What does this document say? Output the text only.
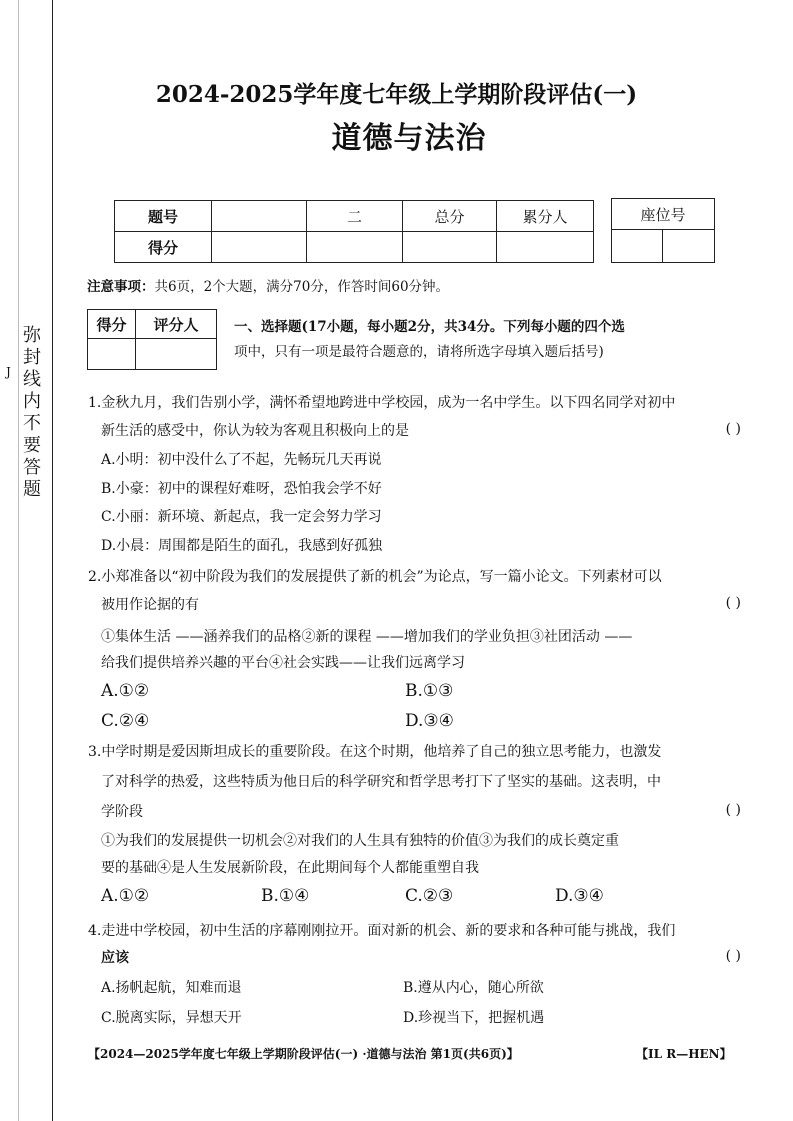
J
弥
封
线
内
不
要
答
题
2024-2025学年度七年级上学期阶段评估(一)
道德与法治
题号		二	总分	累分人
得分				
座位号

注意事项：共6页，2个大题，满分70分，作答时间60分钟。
得分	评分人
		一、选择题(17小题，每小题2分，共34分。下列每小题的四个选
项中，只有一项是最符合题意的，请将所选字母填入题后括号)
1.金秋九月，我们告别小学，满怀希望地跨进中学校园，成为一名中学生。以下四名同学对初中
新生活的感受中，你认为较为客观且积极向上的是	( )
A.小明：初中没什么了不起，先畅玩几天再说
B.小豪：初中的课程好难呀，恐怕我会学不好
C.小丽：新环境、新起点，我一定会努力学习
D.小晨：周围都是陌生的面孔，我感到好孤独
2.小郑准备以“初中阶段为我们的发展提供了新的机会”为论点，写一篇小论文。下列素材可以
被用作论据的有	( )
①集体生活 ——涵养我们的品格②新的课程 ——增加我们的学业负担③社团活动 ——
给我们提供培养兴趣的平台④社会实践——让我们远离学习
A.①②	B.①③
C.②④	D.③④
3.中学时期是爱因斯坦成长的重要阶段。在这个时期，他培养了自己的独立思考能力，也激发
了对科学的热爱，这些特质为他日后的科学研究和哲学思考打下了坚实的基础。这表明，中
学阶段	( )
①为我们的发展提供一切机会②对我们的人生具有独特的价值③为我们的成长奠定重
要的基础④是人生发展新阶段，在此期间每个人都能重塑自我
A.①②	B.①④	C.②③	D.③④
4.走进中学校园，初中生活的序幕刚刚拉开。面对新的机会、新的要求和各种可能与挑战，我们
应该	( )
A.扬帆起航，知难而退	B.遵从内心，随心所欲
C.脱离实际，异想天开	D.珍视当下，把握机遇
【2024—2025学年度七年级上学期阶段评估(一) ·道德与法治 第1页(共6页)】	【IL R—HEN】
